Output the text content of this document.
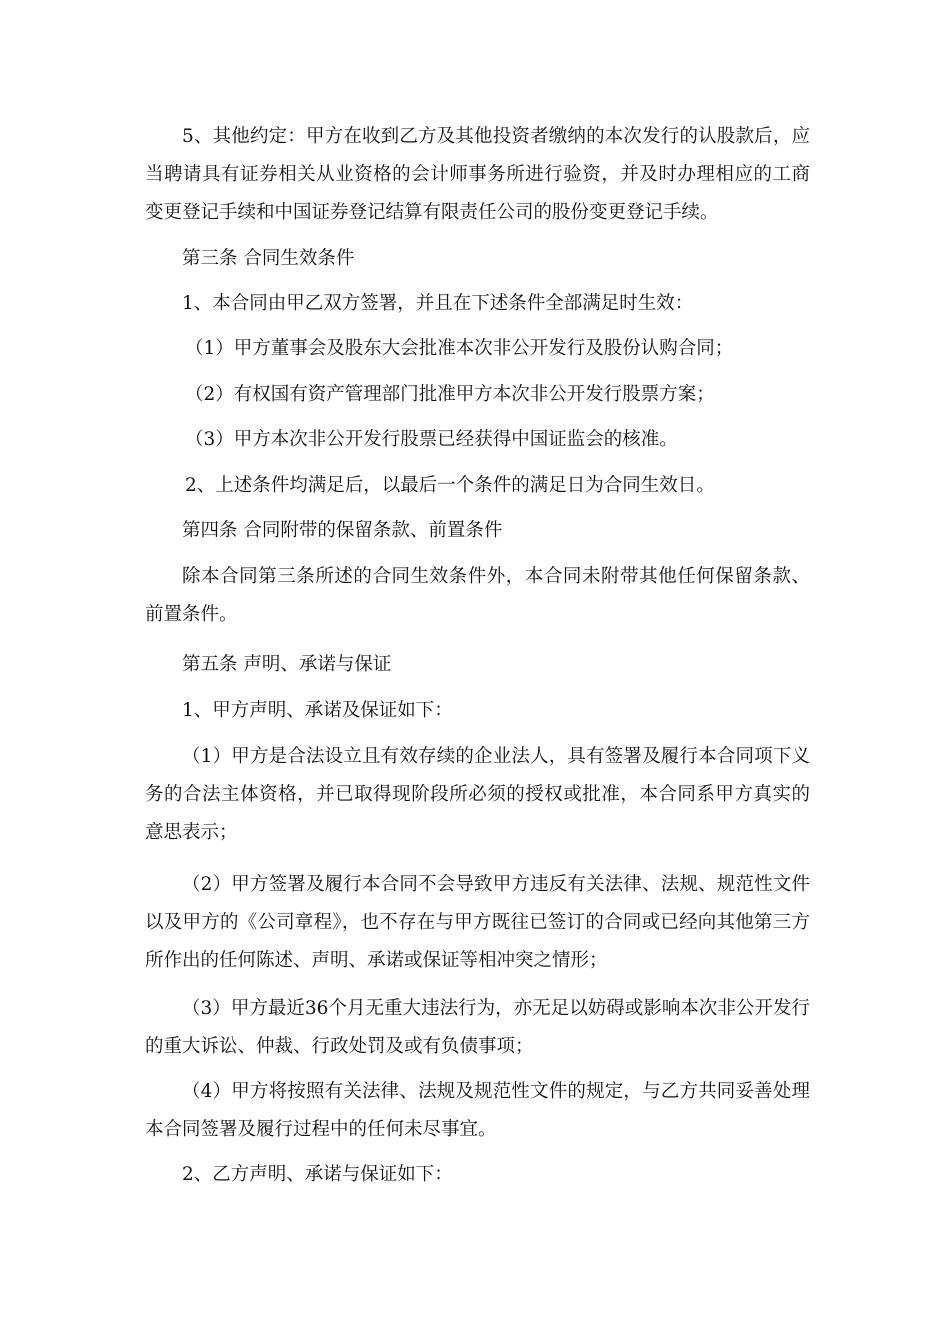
5、其他约定：甲方在收到乙方及其他投资者缴纳的本次发行的认股款后，应当聘请具有证券相关从业资格的会计师事务所进行验资，并及时办理相应的工商变更登记手续和中国证券登记结算有限责任公司的股份变更登记手续。

第三条 合同生效条件

1、本合同由甲乙双方签署，并且在下述条件全部满足时生效：

（1）甲方董事会及股东大会批准本次非公开发行及股份认购合同；

（2）有权国有资产管理部门批准甲方本次非公开发行股票方案；

（3）甲方本次非公开发行股票已经获得中国证监会的核准。

2、上述条件均满足后，以最后一个条件的满足日为合同生效日。

第四条 合同附带的保留条款、前置条件

除本合同第三条所述的合同生效条件外，本合同未附带其他任何保留条款、前置条件。

第五条 声明、承诺与保证

1、甲方声明、承诺及保证如下：

（1）甲方是合法设立且有效存续的企业法人，具有签署及履行本合同项下义务的合法主体资格，并已取得现阶段所必须的授权或批准，本合同系甲方真实的意思表示；

（2）甲方签署及履行本合同不会导致甲方违反有关法律、法规、规范性文件以及甲方的《公司章程》，也不存在与甲方既往已签订的合同或已经向其他第三方所作出的任何陈述、声明、承诺或保证等相冲突之情形；

（3）甲方最近36个月无重大违法行为，亦无足以妨碍或影响本次非公开发行的重大诉讼、仲裁、行政处罚及或有负债事项；

（4）甲方将按照有关法律、法规及规范性文件的规定，与乙方共同妥善处理本合同签署及履行过程中的任何未尽事宜。

2、乙方声明、承诺与保证如下：
